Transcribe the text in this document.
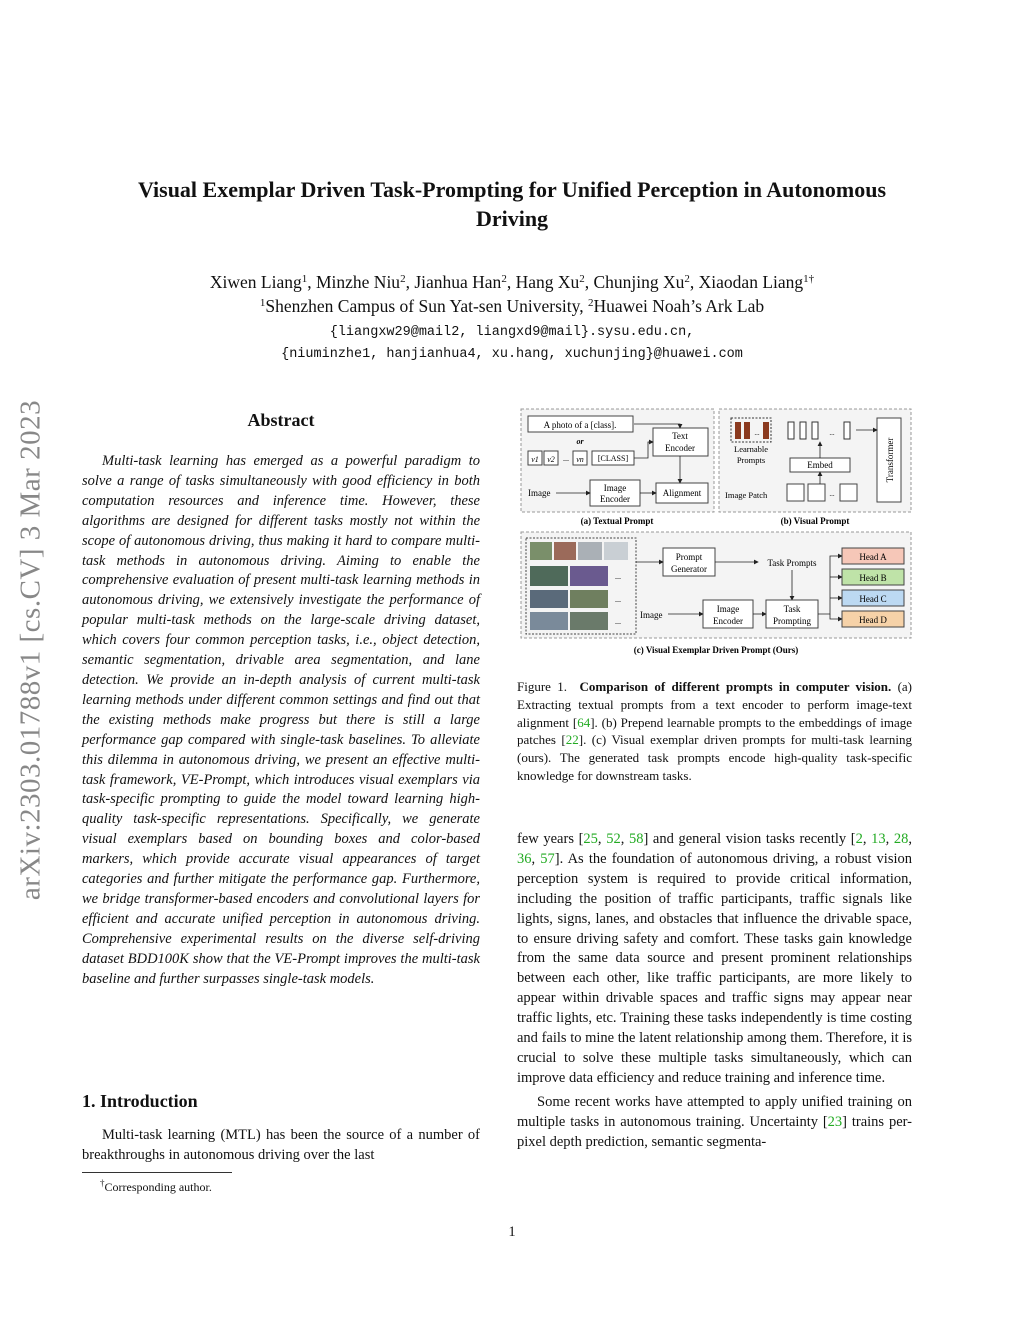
arXiv:2303.01788v1 [cs.CV] 3 Mar 2023
Visual Exemplar Driven Task-Prompting for Unified Perception in Autonomous
Driving
Xiwen Liang$^1$, Minzhe Niu$^2$, Jianhua Han$^2$, Hang Xu$^2$, Chunjing Xu$^2$, Xiaodan Liang$^{1\dagger}$
$^1$Shenzhen Campus of Sun Yat-sen University, $^2$Huawei Noah’s Ark Lab
{liangxw29@mail2, liangxd9@mail}.sysu.edu.cn,
{niuminzhe1, hanjianhua4, xu.hang, xuchunjing}@huawei.com
Abstract
Multi-task learning has emerged as a powerful paradigm to solve a range of tasks simultaneously with good efficiency in both computation resources and inference time. However, these algorithms are designed for different tasks mostly not within the scope of autonomous driving, thus making it hard to compare multi-task methods in autonomous driving. Aiming to enable the comprehensive evaluation of present multi-task learning methods in autonomous driving, we extensively investigate the performance of popular multi-task methods on the large-scale driving dataset, which covers four common perception tasks, i.e., object detection, semantic segmentation, drivable area segmentation, and lane detection. We provide an in-depth analysis of current multi-task learning methods under different common settings and find out that the existing methods make progress but there is still a large performance gap compared with single-task baselines. To alleviate this dilemma in autonomous driving, we present an effective multi-task framework, VE-Prompt, which introduces visual exemplars via task-specific prompting to guide the model toward learning high-quality task-specific representations. Specifically, we generate visual exemplars based on bounding boxes and color-based markers, which provide accurate visual appearances of target categories and further mitigate the performance gap. Furthermore, we bridge transformer-based encoders and convolutional layers for efficient and accurate unified perception in autonomous driving. Comprehensive experimental results on the diverse self-driving dataset BDD100K show that the VE-Prompt improves the multi-task baseline and further surpasses single-task models.
1. Introduction
Multi-task learning (MTL) has been the source of a number of breakthroughs in autonomous driving over the last
†Corresponding author.
1
A photo of a [class].
or
v1 v2 ... vn [CLASS]
Text
Encoder
Image	Image
Encoder
Alignment
(a) Textual Prompt
...	...
Learnable
Prompts	Embed
Image Patch	...
Transformer
(b) Visual Prompt
...
...
...
Prompt
Generator
Task Prompts
Image
Image
Encoder
Task
Prompting
Head A
Head B
Head C
Head D
(c) Visual Exemplar Driven Prompt (Ours)
Figure 1. Comparison of different prompts in computer vision. (a) Extracting textual prompts from a text encoder to perform image-text alignment [64]. (b) Prepend learnable prompts to the embeddings of image patches [22]. (c) Visual exemplar driven prompts for multi-task learning (ours). The generated task prompts encode high-quality task-specific knowledge for downstream tasks.

few years [25, 52, 58] and general vision tasks recently [2, 13, 28, 36, 57]. As the foundation of autonomous driving, a robust vision perception system is required to provide critical information, including the position of traffic participants, traffic signals like lights, signs, lanes, and obstacles that influence the drivable space, to ensure driving safety and comfort. These tasks gain knowledge from the same data source and present prominent relationships between each other, like traffic participants, are more likely to appear within drivable spaces and traffic signs may appear near traffic lights, etc. Training these tasks independently is time costing and fails to mine the latent relationship among them. Therefore, it is crucial to solve these multiple tasks simultaneously, which can improve data efficiency and reduce training and inference time.

Some recent works have attempted to apply unified training on multiple tasks in autonomous training. Uncertainty [23] trains per-pixel depth prediction, semantic segmenta-
